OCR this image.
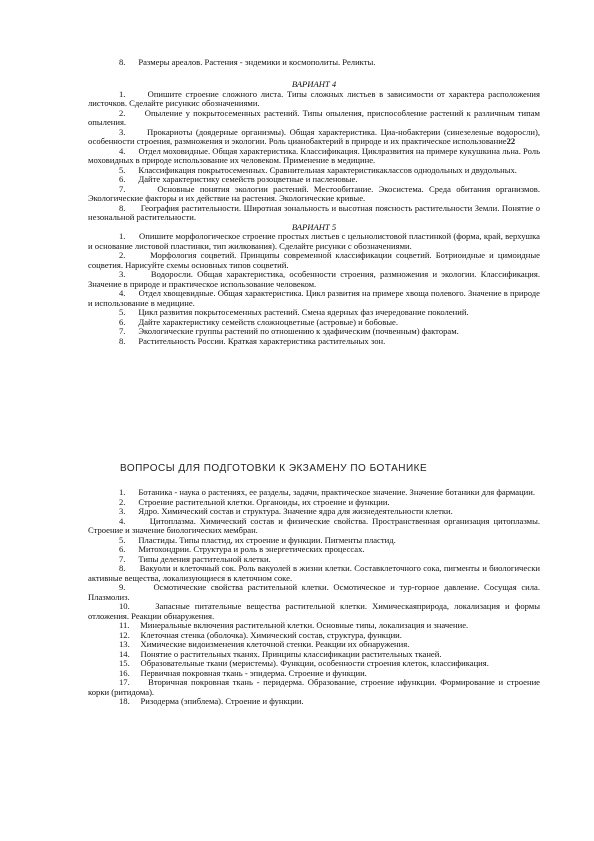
8.      Размеры ареалов. Растения - эндемики и космополиты. Реликты.

ВАРИАНТ 4

1.      Опишите строение сложного листа. Типы сложных листьев в зависимости от характера расположения листочков. Сделайте рисункис обозначениями.

2.      Опыление у покрытосеменных растений. Типы опыления, приспособление растений к различным типам опыления.

3.      Прокариоты (доядерные организмы). Общая характеристика. Циа-нобактерии (синезеленые водоросли), особенности строения, размножения и экологии. Роль цианобактерий в природе и их практическое использование22

4.      Отдел моховидные. Общая характеристика. Классификация. Циклразвития на примере кукушкина льна. Роль моховидных в природе использование их человеком. Применение в медицине.

5.      Классификация покрытосеменных. Сравнительная характеристикаклассов однодольных и двудольных.

6.      Дайте характеристику семейств розоцветные и пасленовые.

7.      Основные понятия экологии растений. Местообитание. Экосистема. Среда обитания организмов. Экологические факторы и их действие на растения. Экологические кривые.

8.      География растительности. Широтная зональность и высотная поясность растительности Земли. Понятие о незональной растительности.

ВАРИАНТ 5

1.      Опишите морфологическое строение простых листьев с цельнолистовой пластинкой (форма, край, верхушка и основание листовой пластинки, тип жилкования). Сделайте рисунки с обозначениями.

2.      Морфология соцветий. Принципы современной классификации соцветий. Ботриоидные и цимоидные соцветия. Нарисуйте схемы основных типов соцветий.

3.      Водоросли. Общая характеристика, особенности строения, размножения и экологии. Классификация. Значение в природе и практическое использование человеком.

4.      Отдел хвощевидные. Общая характеристика. Цикл развития на примере хвоща полевого. Значение в природе и использование в медицине.

5.      Цикл развития покрытосеменных растений. Смена ядерных фаз ичередование поколений.

6.      Дайте характеристику семейств сложноцветные (астровые) и бобовые.

7.      Экологические группы растений по отношению к эдафическим (почвенным) факторам.

8.      Растительность России. Краткая характеристика растительных зон.

ВОПРОСЫ ДЛЯ ПОДГОТОВКИ К ЭКЗАМЕНУ ПО БОТАНИКЕ

1.      Ботаника - наука о растениях, ее разделы, задачи, практическое значение. Значение ботаники для фармации.

2.      Строение растительной клетки. Органоиды, их строение и функции.

3.      Ядро. Химический состав и структура. Значение ядра для жизнедеятельности клетки.

4.      Цитоплазма. Химический состав и физические свойства. Пространственная организация цитоплазмы. Строение и значение биологических мембран.

5.      Пластиды. Типы пластид, их строение и функции. Пигменты пластид.

6.      Митохондрии. Структура и роль в энергетических процессах.

7.      Типы деления растительной клетки.

8.      Вакуоли и клеточный сок. Роль вакуолей в жизни клетки. Составклеточного сока, пигменты и биологически активные вещества, локализующиеся в клеточном соке.

9.      Осмотические свойства растительной клетки. Осмотическое и тур-горное давление. Сосущая сила. Плазмолиз.

10.     Запасные питательные вещества растительной клетки. Химическаяприрода, локализация и формы отложения. Реакции обнаружения.

11.     Минеральные включения растительной клетки. Основные типы, локализация и значение.

12.     Клеточная стенка (оболочка). Химический состав, структура, функции.

13.     Химические видоизменения клеточной стенки. Реакции их обнаружения.

14.     Понятие о растительных тканях. Принципы классификации растительных тканей.

15.     Образовательные ткани (меристемы). Функции, особенности строения клеток, классификация.

16.     Первичная покровная ткань - эпидерма. Строение и функции.

17.     Вторичная покровная ткань - перидерма. Образование, строение ифункции. Формирование и строение корки (ритидома).

18.     Ризодерма (эпиблема). Строение и функции.
